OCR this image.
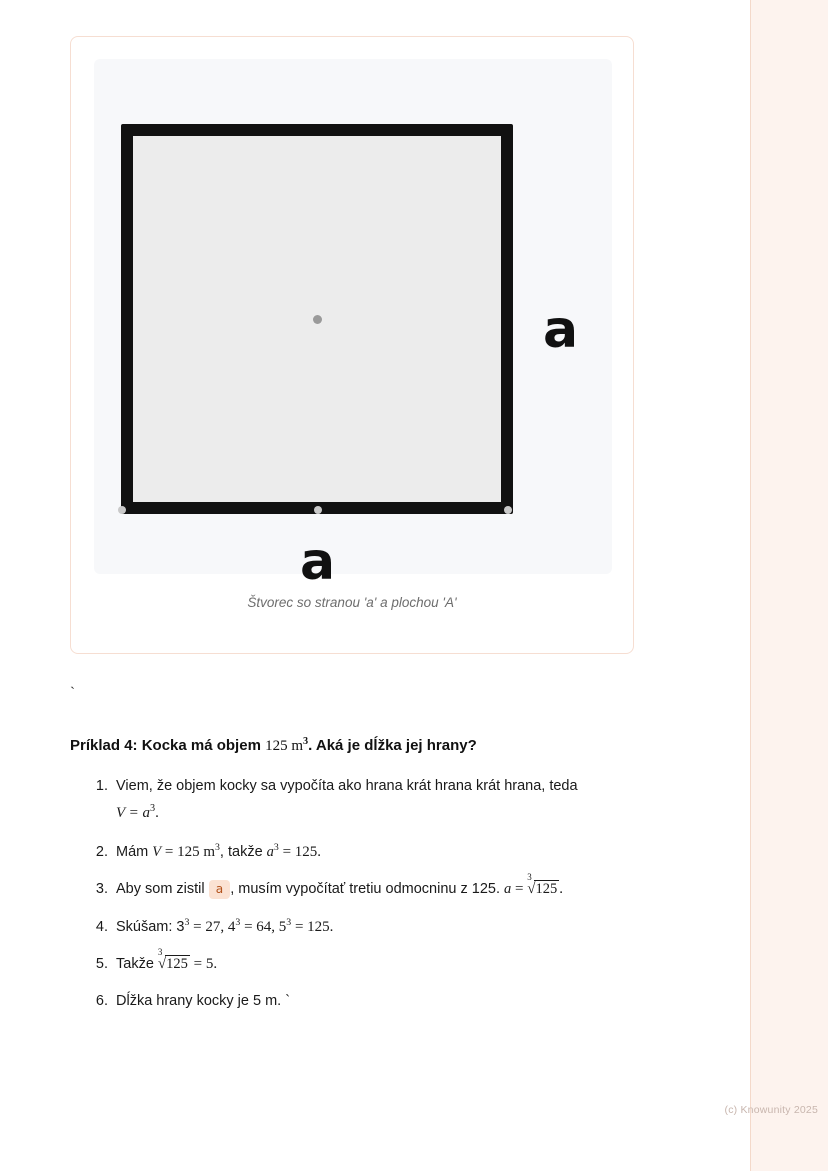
a
a
Štvorec so stranou 'a' a plochou 'A'
`
Príklad 4: Kocka má objem 125 $m^3$. Aká je dĺžka jej hrany?
1. Viem, že objem kocky sa vypočíta ako hrana krát hrana krát hrana, teda
$V = a^3$.
2. Mám V = 125 $m^3$, takže $a^3 = 125$.
3. Aby som zistil a , musím vypočítať tretiu odmocninu z 125. a =
3
√125 .
4. Skúšam: $3^3 = 27$, $4^3 = 64$, $5^3 = 125$.
5. Takže
3
√125 = 5.
6. Dĺžka hrany kocky je 5 m. `
(c) Knowunity 2025
